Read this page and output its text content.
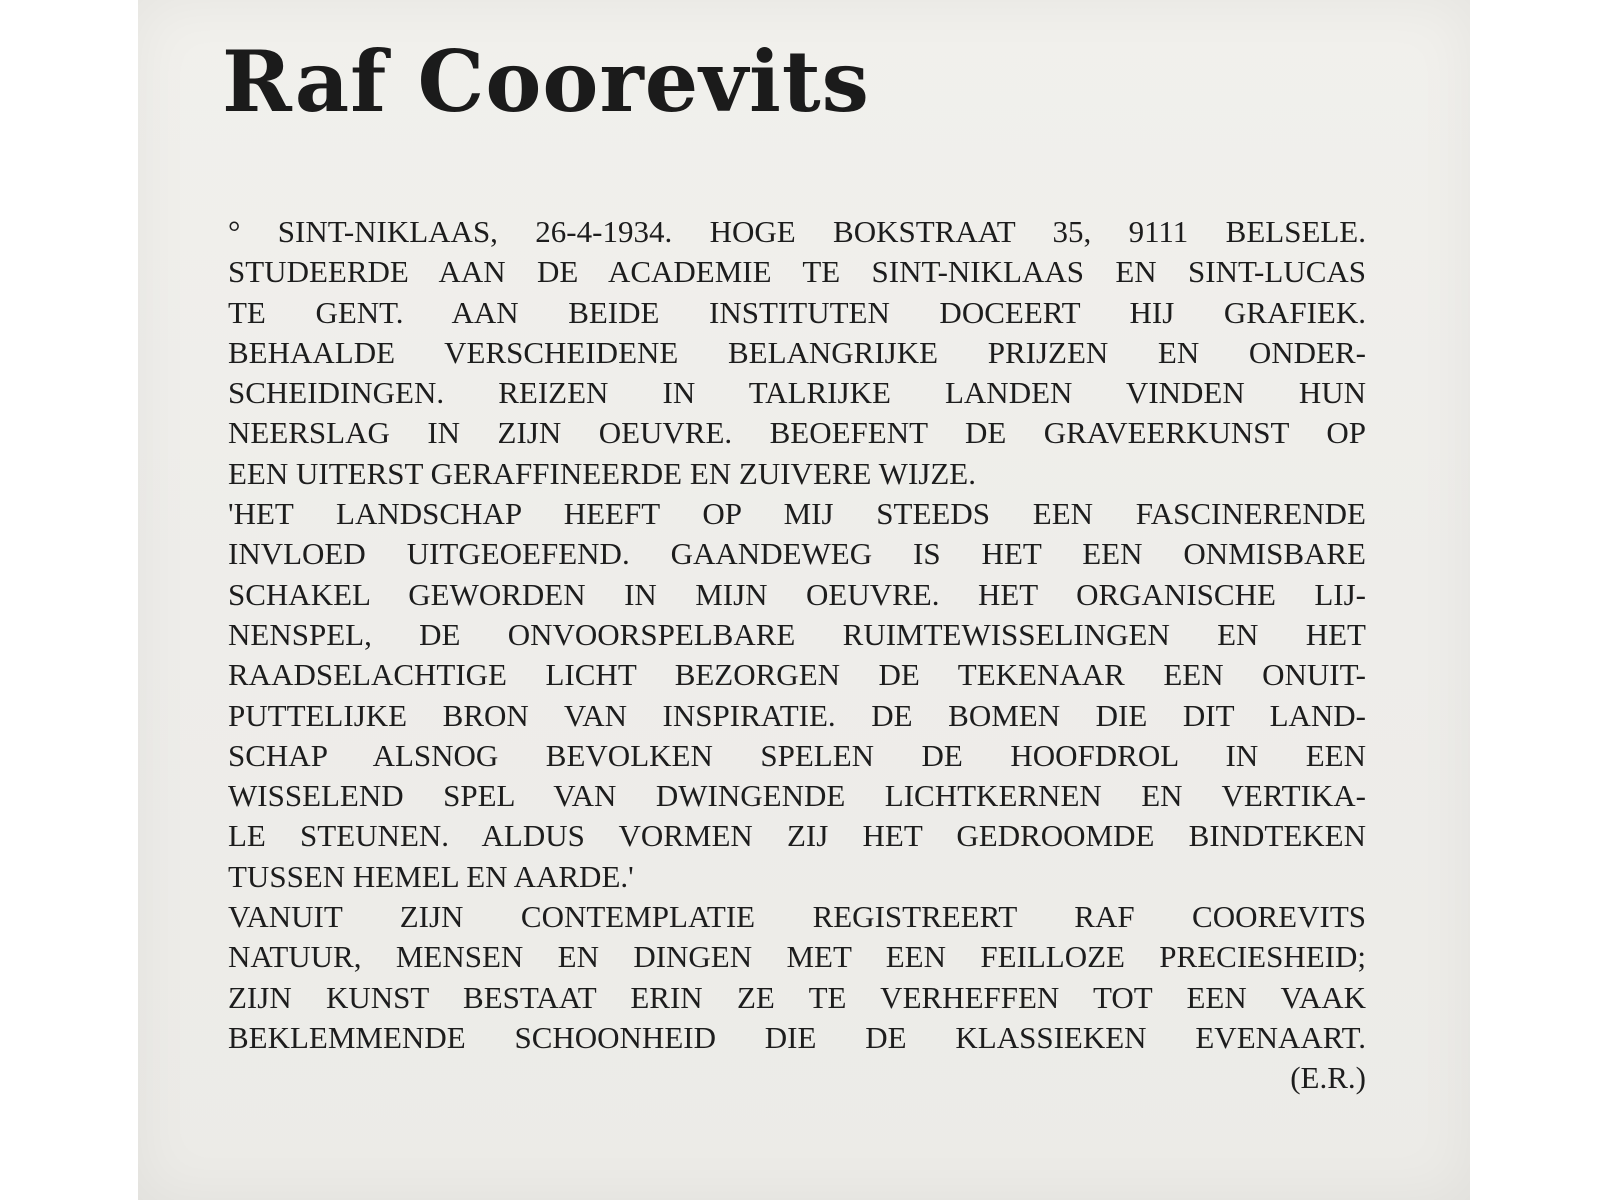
Raf Coorevits
° SINT-NIKLAAS, 26-4-1934. HOGE BOKSTRAAT 35, 9111 BELSELE.
STUDEERDE AAN DE ACADEMIE TE SINT-NIKLAAS EN SINT-LUCAS
TE GENT. AAN BEIDE INSTITUTEN DOCEERT HIJ GRAFIEK.
BEHAALDE VERSCHEIDENE BELANGRIJKE PRIJZEN EN ONDER-
SCHEIDINGEN. REIZEN IN TALRIJKE LANDEN VINDEN HUN
NEERSLAG IN ZIJN OEUVRE. BEOEFENT DE GRAVEERKUNST OP
EEN UITERST GERAFFINEERDE EN ZUIVERE WIJZE.
'HET LANDSCHAP HEEFT OP MIJ STEEDS EEN FASCINERENDE
INVLOED UITGEOEFEND. GAANDEWEG IS HET EEN ONMISBARE
SCHAKEL GEWORDEN IN MIJN OEUVRE. HET ORGANISCHE LIJ-
NENSPEL, DE ONVOORSPELBARE RUIMTEWISSELINGEN EN HET
RAADSELACHTIGE LICHT BEZORGEN DE TEKENAAR EEN ONUIT-
PUTTELIJKE BRON VAN INSPIRATIE. DE BOMEN DIE DIT LAND-
SCHAP ALSNOG BEVOLKEN SPELEN DE HOOFDROL IN EEN
WISSELEND SPEL VAN DWINGENDE LICHTKERNEN EN VERTIKA-
LE STEUNEN. ALDUS VORMEN ZIJ HET GEDROOMDE BINDTEKEN
TUSSEN HEMEL EN AARDE.'
VANUIT ZIJN CONTEMPLATIE REGISTREERT RAF COOREVITS
NATUUR, MENSEN EN DINGEN MET EEN FEILLOZE PRECIESHEID;
ZIJN KUNST BESTAAT ERIN ZE TE VERHEFFEN TOT EEN VAAK
BEKLEMMENDE SCHOONHEID DIE DE KLASSIEKEN EVENAART.
(E.R.)
